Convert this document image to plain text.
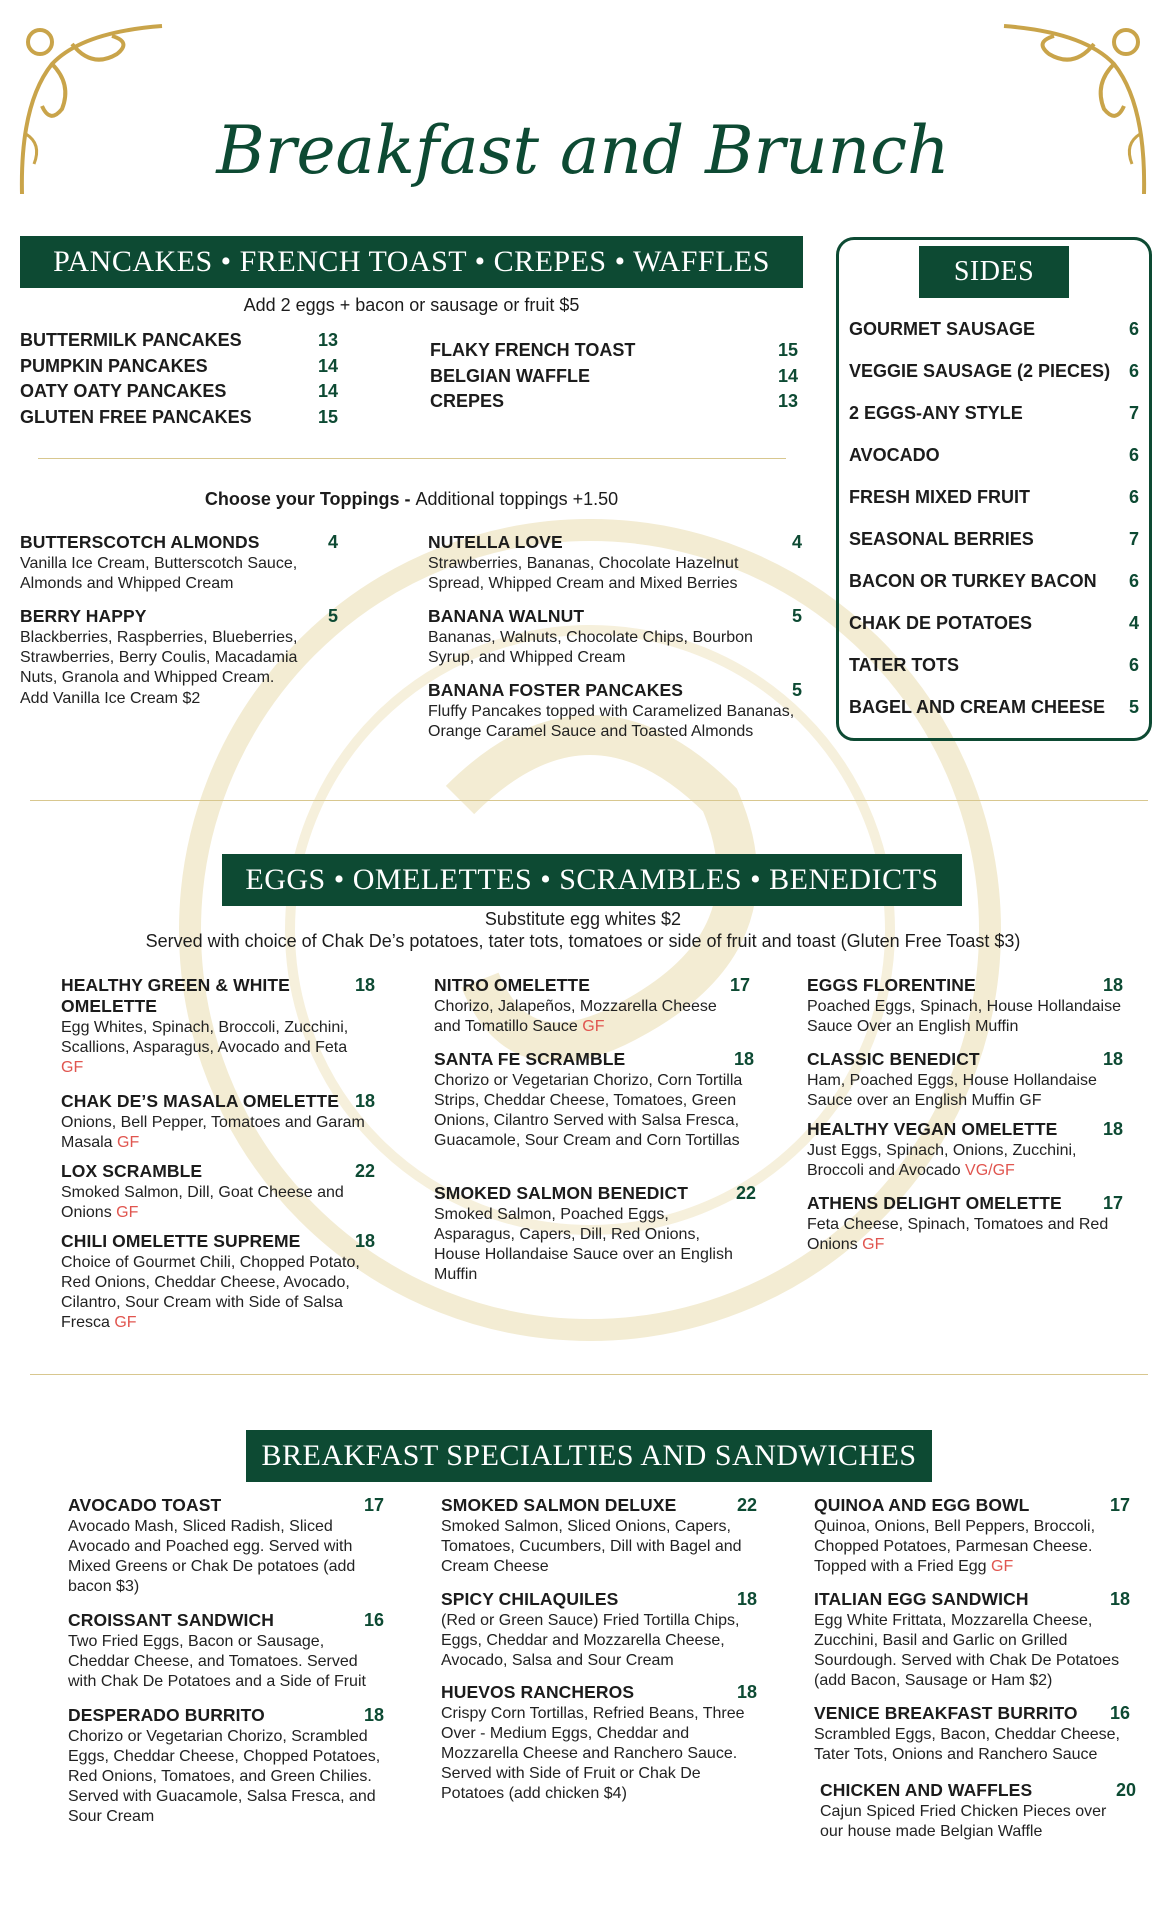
Breakfast and Brunch
PANCAKES • FRENCH TOAST • CREPES • WAFFLES
Add 2 eggs + bacon or sausage or fruit $5
BUTTERMILK PANCAKES	13
PUMPKIN PANCAKES	14
OATY OATY PANCAKES	14
GLUTEN FREE PANCAKES	15
FLAKY FRENCH TOAST	15
BELGIAN WAFFLE	14
CREPES	13
Choose your Toppings - Additional toppings +1.50
BUTTERSCOTCH ALMONDS	4
Vanilla Ice Cream, Butterscotch Sauce, Almonds and Whipped Cream
BERRY HAPPY	5
Blackberries, Raspberries, Blueberries, Strawberries, Berry Coulis, Macadamia Nuts, Granola and Whipped Cream.
Add Vanilla Ice Cream $2
NUTELLA LOVE	4
Strawberries, Bananas, Chocolate Hazelnut Spread, Whipped Cream and Mixed Berries
BANANA WALNUT	5
Bananas, Walnuts, Chocolate Chips, Bourbon Syrup, and Whipped Cream
BANANA FOSTER PANCAKES	5
Fluffy Pancakes topped with Caramelized Bananas, Orange Caramel Sauce and Toasted Almonds
SIDES
GOURMET SAUSAGE	6
VEGGIE SAUSAGE (2 PIECES) 6
2 EGGS-ANY STYLE	7
AVOCADO	6
FRESH MIXED FRUIT	6
SEASONAL BERRIES	7
BACON OR TURKEY BACON 6
CHAK DE POTATOES	4
TATER TOTS	6
BAGEL AND CREAM CHEESE 5
EGGS • OMELETTES • SCRAMBLES • BENEDICTS
Substitute egg whites $2
Served with choice of Chak De’s potatoes, tater tots, tomatoes or side of fruit and toast (Gluten Free Toast $3)
HEALTHY GREEN & WHITE OMELETTE
18
Egg Whites, Spinach, Broccoli, Zucchini, Scallions, Asparagus, Avocado and Feta
GF
CHAK DE’S MASALA OMELETTE 18
Onions, Bell Pepper, Tomatoes and Garam Masala GF
LOX SCRAMBLE	22
Smoked Salmon, Dill, Goat Cheese and Onions GF
CHILI OMELETTE SUPREME	18
Choice of Gourmet Chili, Chopped Potato, Red Onions, Cheddar Cheese, Avocado, Cilantro, Sour Cream with Side of Salsa Fresca GF
NITRO OMELETTE	17
Chorizo, Jalapeños, Mozzarella Cheese and Tomatillo Sauce GF
SANTA FE SCRAMBLE	18
Chorizo or Vegetarian Chorizo, Corn Tortilla Strips, Cheddar Cheese, Tomatoes, Green Onions, Cilantro Served with Salsa Fresca, Guacamole, Sour Cream and Corn Tortillas
SMOKED SALMON BENEDICT	22
Smoked Salmon, Poached Eggs, Asparagus, Capers, Dill, Red Onions, House Hollandaise Sauce over an English Muffin
EGGS FLORENTINE	18
Poached Eggs, Spinach, House Hollandaise Sauce Over an English Muffin
CLASSIC BENEDICT	18
Ham, Poached Eggs, House Hollandaise Sauce over an English Muffin GF
HEALTHY VEGAN OMELETTE	18
Just Eggs, Spinach, Onions, Zucchini, Broccoli and Avocado VG/GF
ATHENS DELIGHT OMELETTE 17
Feta Cheese, Spinach, Tomatoes and Red Onions GF
BREAKFAST SPECIALTIES AND SANDWICHES
AVOCADO TOAST	17
Avocado Mash, Sliced Radish, Sliced Avocado and Poached egg. Served with Mixed Greens or Chak De potatoes (add bacon $3)
CROISSANT SANDWICH	16
Two Fried Eggs, Bacon or Sausage, Cheddar Cheese, and Tomatoes. Served with Chak De Potatoes and a Side of Fruit
DESPERADO BURRITO	18
Chorizo or Vegetarian Chorizo, Scrambled Eggs, Cheddar Cheese, Chopped Potatoes, Red Onions, Tomatoes, and Green Chilies. Served with Guacamole, Salsa Fresca, and Sour Cream
SMOKED SALMON DELUXE	22
Smoked Salmon, Sliced Onions, Capers, Tomatoes, Cucumbers, Dill with Bagel and Cream Cheese
SPICY CHILAQUILES	18
(Red or Green Sauce) Fried Tortilla Chips, Eggs, Cheddar and Mozzarella Cheese, Avocado, Salsa and Sour Cream
HUEVOS RANCHEROS	18
Crispy Corn Tortillas, Refried Beans, Three Over - Medium Eggs, Cheddar and Mozzarella Cheese and Ranchero Sauce. Served with Side of Fruit or Chak De Potatoes (add chicken $4)
QUINOA AND EGG BOWL	17
Quinoa, Onions, Bell Peppers, Broccoli, Chopped Potatoes, Parmesan Cheese. Topped with a Fried Egg GF
ITALIAN EGG SANDWICH	18
Egg White Frittata, Mozzarella Cheese, Zucchini, Basil and Garlic on Grilled Sourdough. Served with Chak De Potatoes (add Bacon, Sausage or Ham $2)
VENICE BREAKFAST BURRITO 16
Scrambled Eggs, Bacon, Cheddar Cheese, Tater Tots, Onions and Ranchero Sauce
CHICKEN AND WAFFLES	20
Cajun Spiced Fried Chicken Pieces over our house made Belgian Waffle
